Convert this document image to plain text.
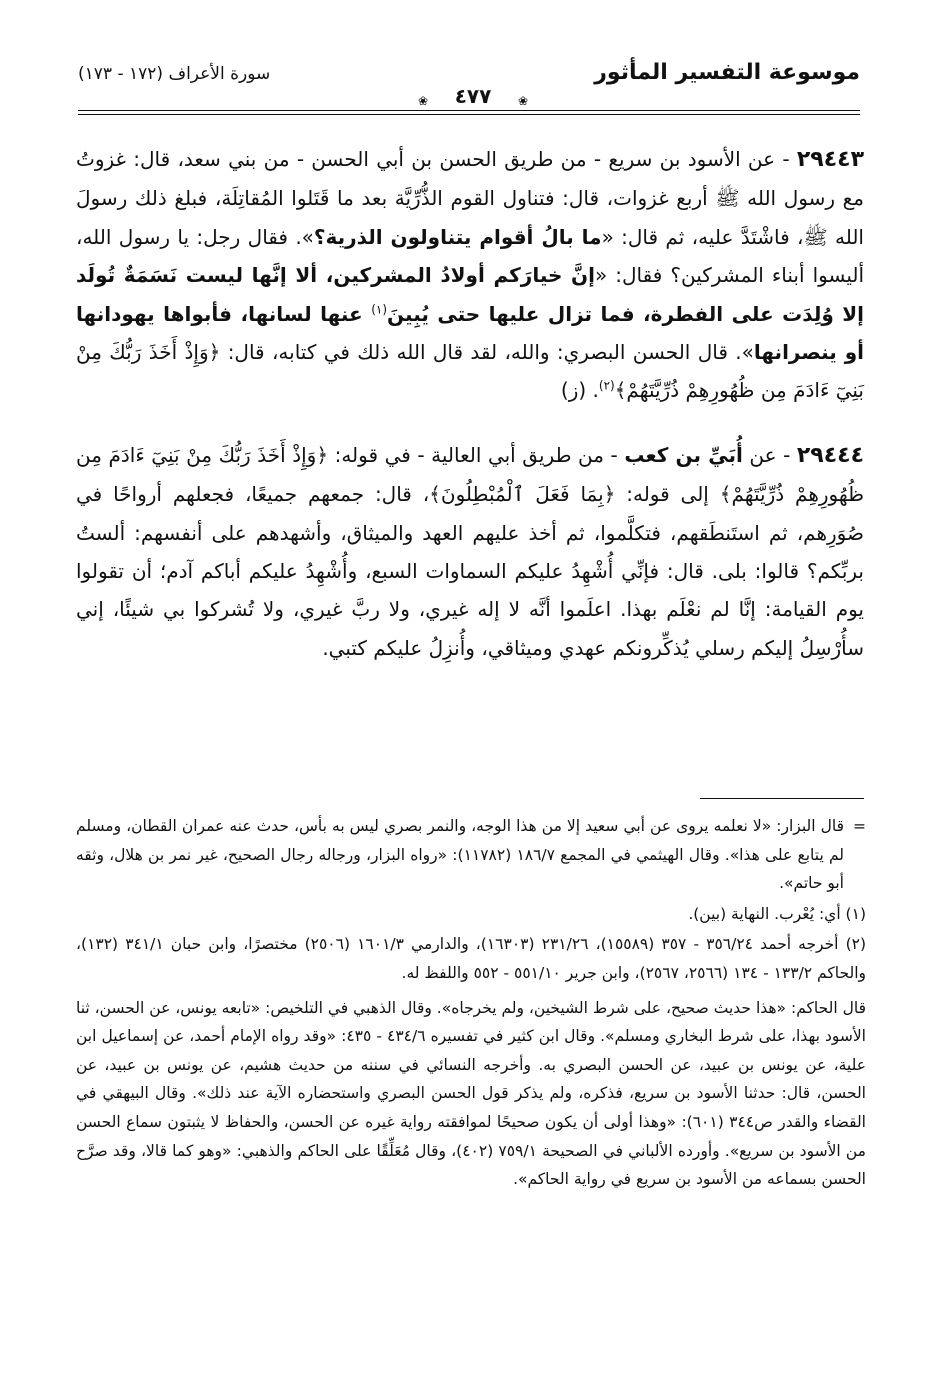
موسوعة التفسير المأثور
سورة الأعراف (١٧٢ - ١٧٣)
❀
٤٧٧
❀

٢٩٤٤٣ - عن الأسود بن سريع - من طريق الحسن بن أبي الحسن - من بني سعد، قال: غزوتُ مع رسول الله ﷺ أربع غزوات، قال: فتناول القوم الذُّرِّيَّة بعد ما قَتَلوا المُقاتِلَة، فبلغ ذلك رسولَ الله ﷺ، فاشْتَدَّ عليه، ثم قال: «ما بالُ أقوام يتناولون الذرية؟». فقال رجل: يا رسول الله، أليسوا أبناء المشركين؟ فقال: «إنَّ خيارَكم أولادُ المشركين، ألا إنَّها ليست نَسَمَةٌ تُولَد إلا وُلِدَت على الفطرة، فما تزال عليها حتى يُبِينَ$^{(١)}$ عنها لسانها، فأبواها يهودانها أو ينصرانها». قال الحسن البصري: والله، لقد قال الله ذلك في كتابه، قال: ﴿وَإِذْ أَخَذَ رَبُّكَ مِنْ بَنِيٓ ءَادَمَ مِن ظُهُورِهِمْ ذُرِّيَّتَهُمْ﴾$^{(٢)}$. (ز)

٢٩٤٤٤ - عن أُبَيِّ بن كعب - من طريق أبي العالية - في قوله: ﴿وَإِذْ أَخَذَ رَبُّكَ مِنْ بَنِيٓ ءَادَمَ مِن ظُهُورِهِمْ ذُرِّيَّتَهُمْ﴾ إلى قوله: ﴿بِمَا فَعَلَ ٱلْمُبْطِلُونَ﴾، قال: جمعهم جميعًا، فجعلهم أرواحًا في صُوَرِهم، ثم استَنطَقهم، فتكلَّموا، ثم أخذ عليهم العهد والميثاق، وأشهدهم على أنفسهم: ألستُ بربِّكم؟ قالوا: بلى. قال: فإنِّي أُشْهِدُ عليكم السماوات السبع، وأُشْهِدُ عليكم أباكم آدم؛ أن تقولوا يوم القيامة: إنَّا لم نعْلَم بهذا. اعلَموا أنَّه لا إله غيري، ولا ربَّ غيري، ولا تُشركوا بي شيئًا، إني سأُرْسِلُ إليكم رسلي يُذكِّرونكم عهدي وميثاقي، وأُنزِلُ عليكم كتبي.

=
قال البزار: «لا نعلمه يروى عن أبي سعيد إلا من هذا الوجه، والنمر بصري ليس به بأس، حدث عنه عمران القطان، ومسلم لم يتابع على هذا». وقال الهيثمي في المجمع ١٨٦/٧ (١١٧٨٢): «رواه البزار، ورجاله رجال الصحيح، غير نمر بن هلال، وثقه أبو حاتم».

(١) أي: يُعْرب. النهاية (بين).

(٢) أخرجه أحمد ٣٥٦/٢٤ - ٣٥٧ (١٥٥٨٩)، ٢٣١/٢٦ (١٦٣٠٣)، والدارمي ١٦٠١/٣ (٢٥٠٦) مختصرًا، وابن حبان ٣٤١/١ (١٣٢)، والحاكم ١٣٣/٢ - ١٣٤ (٢٥٦٦، ٢٥٦٧)، وابن جرير ٥٥١/١٠ - ٥٥٢ واللفظ له.

قال الحاكم: «هذا حديث صحيح، على شرط الشيخين، ولم يخرجاه». وقال الذهبي في التلخيص: «تابعه يونس، عن الحسن، ثنا الأسود بهذا، على شرط البخاري ومسلم». وقال ابن كثير في تفسيره ٤٣٤/٦ - ٤٣٥: «وقد رواه الإمام أحمد، عن إسماعيل ابن علية، عن يونس بن عبيد، عن الحسن البصري به. وأخرجه النسائي في سننه من حديث هشيم، عن يونس بن عبيد، عن الحسن، قال: حدثنا الأسود بن سريع، فذكره، ولم يذكر قول الحسن البصري واستحضاره الآية عند ذلك». وقال البيهقي في القضاء والقدر ص٣٤٤ (٦٠١): «وهذا أولى أن يكون صحيحًا لموافقته رواية غيره عن الحسن، والحفاظ لا يثبتون سماع الحسن من الأسود بن سريع». وأورده الألباني في الصحيحة ٧٥٩/١ (٤٠٢)، وقال مُعَلِّقًا على الحاكم والذهبي: «وهو كما قالا، وقد صرَّح الحسن بسماعه من الأسود بن سريع في رواية الحاكم».
